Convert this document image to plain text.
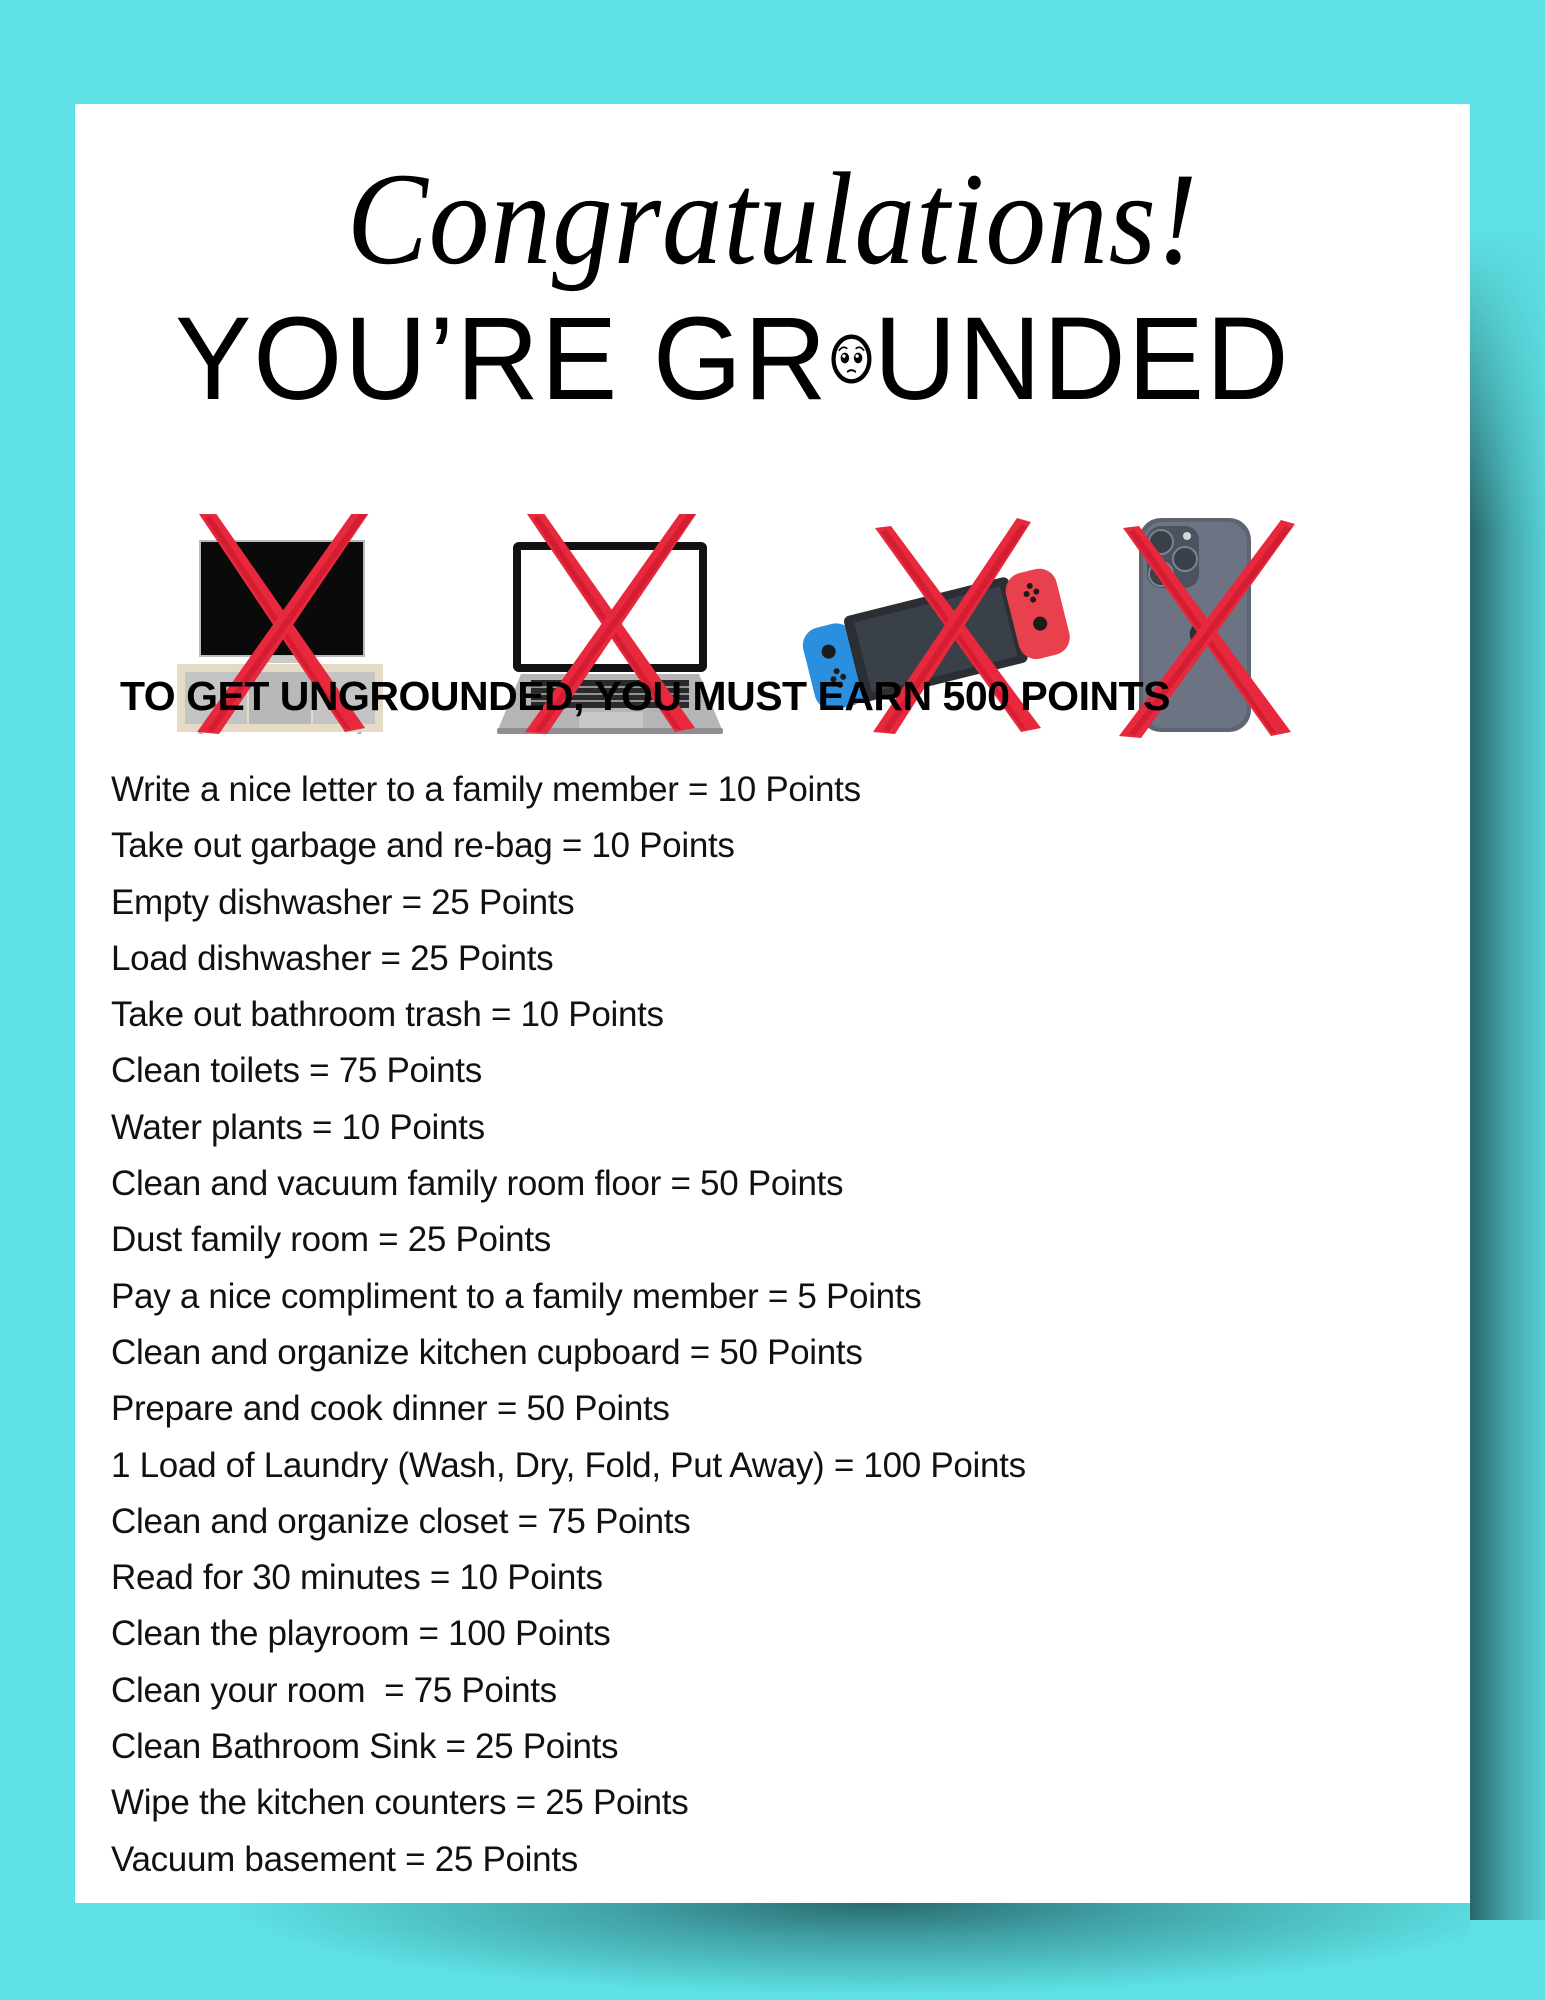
Congratulations!
YOU’RE GR UNDED
TO GET UNGROUNDED, YOU MUST EARN 500 POINTS
Write a nice letter to a family member = 10 Points
Take out garbage and re-bag = 10 Points
Empty dishwasher = 25 Points
Load dishwasher = 25 Points
Take out bathroom trash = 10 Points
Clean toilets = 75 Points
Water plants = 10 Points
Clean and vacuum family room floor = 50 Points
Dust family room = 25 Points
Pay a nice compliment to a family member = 5 Points
Clean and organize kitchen cupboard = 50 Points
Prepare and cook dinner = 50 Points
1 Load of Laundry (Wash, Dry, Fold, Put Away) = 100 Points
Clean and organize closet = 75 Points
Read for 30 minutes = 10 Points
Clean the playroom = 100 Points
Clean your room  = 75 Points
Clean Bathroom Sink = 25 Points
Wipe the kitchen counters = 25 Points
Vacuum basement = 25 Points
